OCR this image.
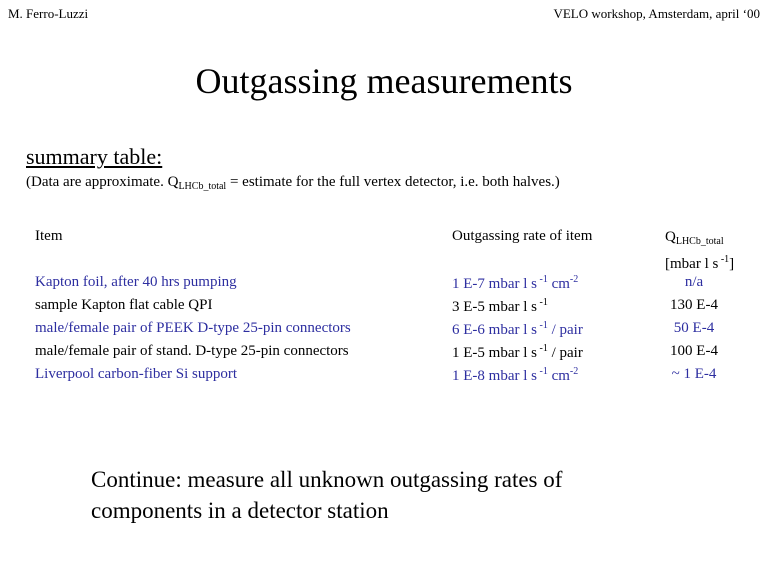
M. Ferro-Luzzi	VELO workshop, Amsterdam, april ‘00
Outgassing measurements
summary table:
(Data are approximate. $Q_{LHCb\_total}$ = estimate for the full vertex detector, i.e. both halves.)
Item	Outgassing rate of item	$Q_{LHCb\_total}$
[mbar l s $^{-1}$]
Kapton foil, after 40 hrs pumping	1 E-7 mbar l s $^{-1}$ $cm^{-2}$	n/a
sample Kapton flat cable QPI	3 E-5 mbar l s $^{-1}$	130 E-4
male/female pair of PEEK D-type 25-pin connectors	6 E-6 mbar l s $^{-1}$ / pair	50 E-4
male/female pair of stand. D-type 25-pin connectors	1 E-5 mbar l s $^{-1}$ / pair	100 E-4
Liverpool carbon-fiber Si support	1 E-8 mbar l s $^{-1}$ $cm^{-2}$	~ 1 E-4
Continue: measure all unknown outgassing rates of components in a detector station
